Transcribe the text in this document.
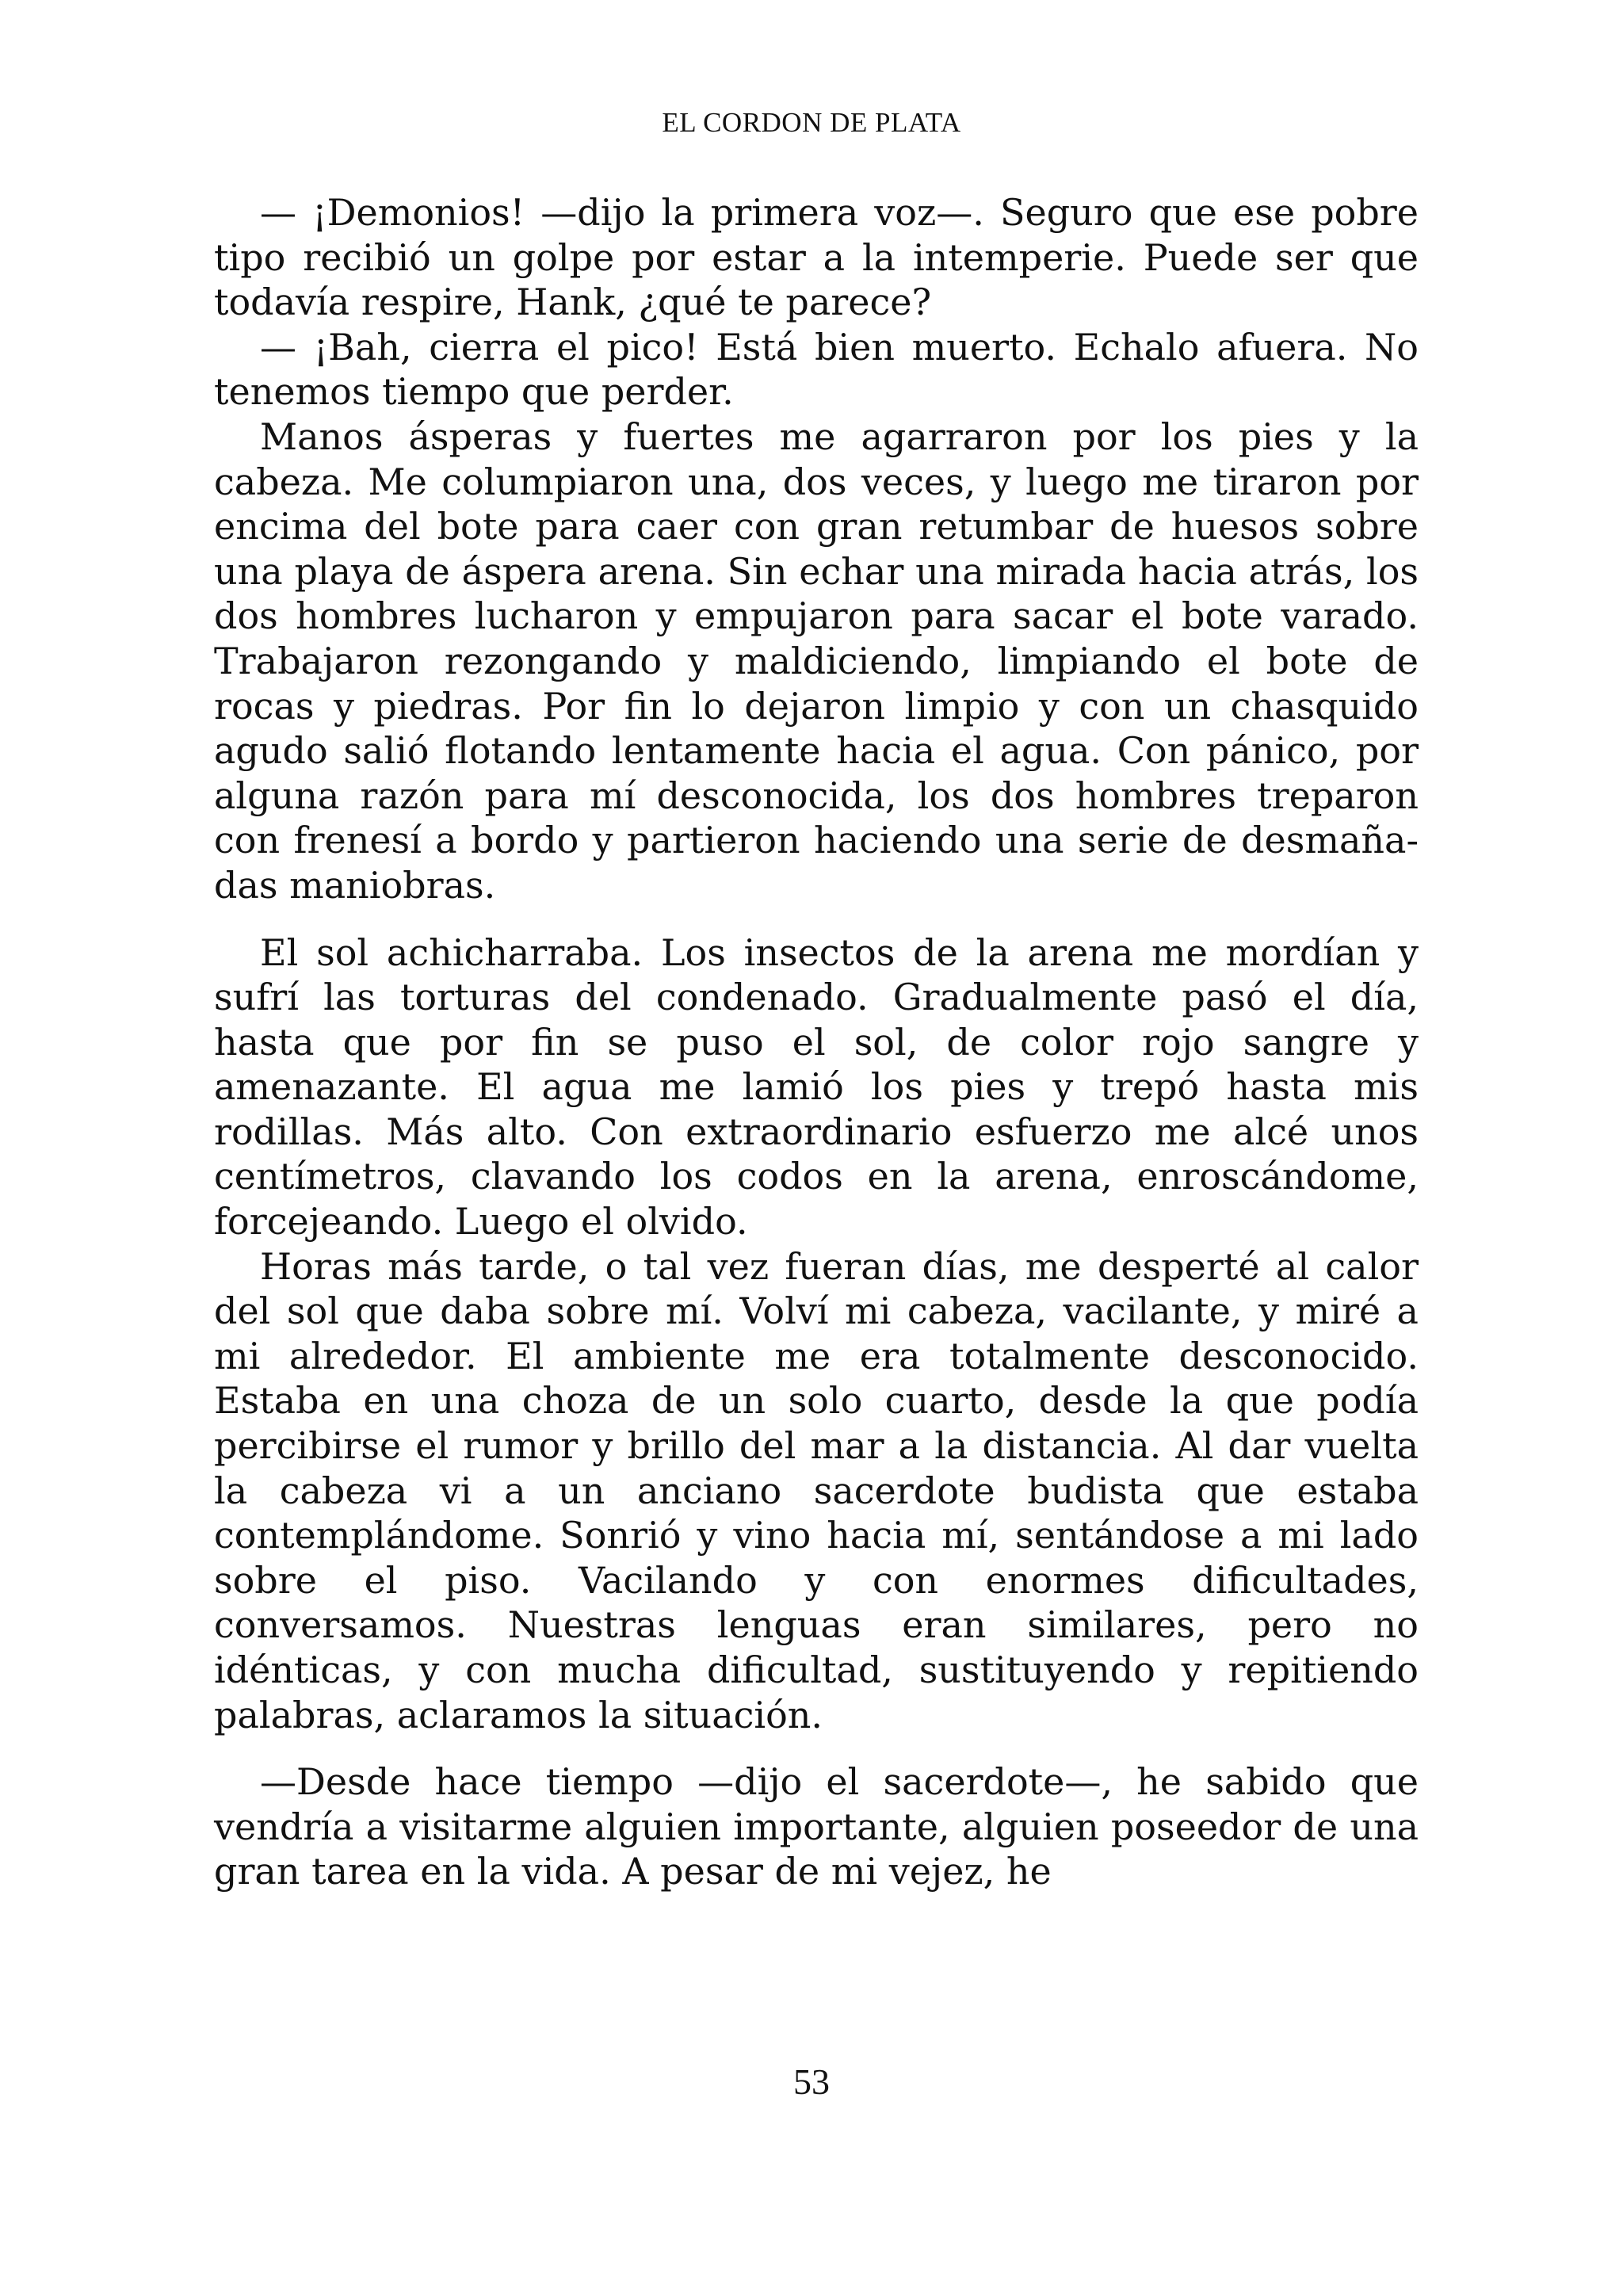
EL CORDON DE PLATA

— ¡Demonios! —dijo la primera voz—. Seguro que ese pobre tipo recibió un golpe por estar a la intemperie. Puede ser que todavía respire, Hank, ¿qué te parece?

— ¡Bah, cierra el pico! Está bien muerto. Echalo afuera. No tenemos tiempo que perder.

Manos ásperas y fuertes me agarraron por los pies y la cabeza. Me columpiaron una, dos veces, y luego me tiraron por encima del bote para caer con gran retumbar de huesos sobre una playa de áspera arena. Sin echar una mirada hacia atrás, los dos hombres lucharon y empujaron para sacar el bote varado. Trabajaron rezongando y maldiciendo, limpiando el bote de rocas y piedras. Por fin lo dejaron limpio y con un chasquido agudo salió flotando lentamente hacia el agua. Con pánico, por alguna razón para mí desconocida, los dos hombres treparon con frenesí a bordo y partieron haciendo una serie de desmañadas maniobras.

El sol achicharraba. Los insectos de la arena me mordían y sufrí las torturas del condenado. Gradualmente pasó el día, hasta que por fin se puso el sol, de color rojo sangre y amenazante. El agua me lamió los pies y trepó hasta mis rodillas. Más alto. Con extraordinario esfuerzo me alcé unos centímetros, clavando los codos en la arena, enroscándome, forcejeando. Luego el olvido.

Horas más tarde, o tal vez fueran días, me desperté al calor del sol que daba sobre mí. Volví mi cabeza, vacilante, y miré a mi alrededor. El ambiente me era totalmente desconocido. Estaba en una choza de un solo cuarto, desde la que podía percibirse el rumor y brillo del mar a la distancia. Al dar vuelta la cabeza vi a un anciano sacerdote budista que estaba contemplándome. Sonrió y vino hacia mí, sentándose a mi lado sobre el piso. Vacilando y con enormes dificultades, conversamos. Nuestras lenguas eran similares, pero no idénticas, y con mucha dificultad, sustituyendo y repitiendo palabras, aclaramos la situación.

—Desde hace tiempo —dijo el sacerdote—, he sabido que vendría a visitarme alguien importante, alguien poseedor de una gran tarea en la vida. A pesar de mi vejez, he

53
